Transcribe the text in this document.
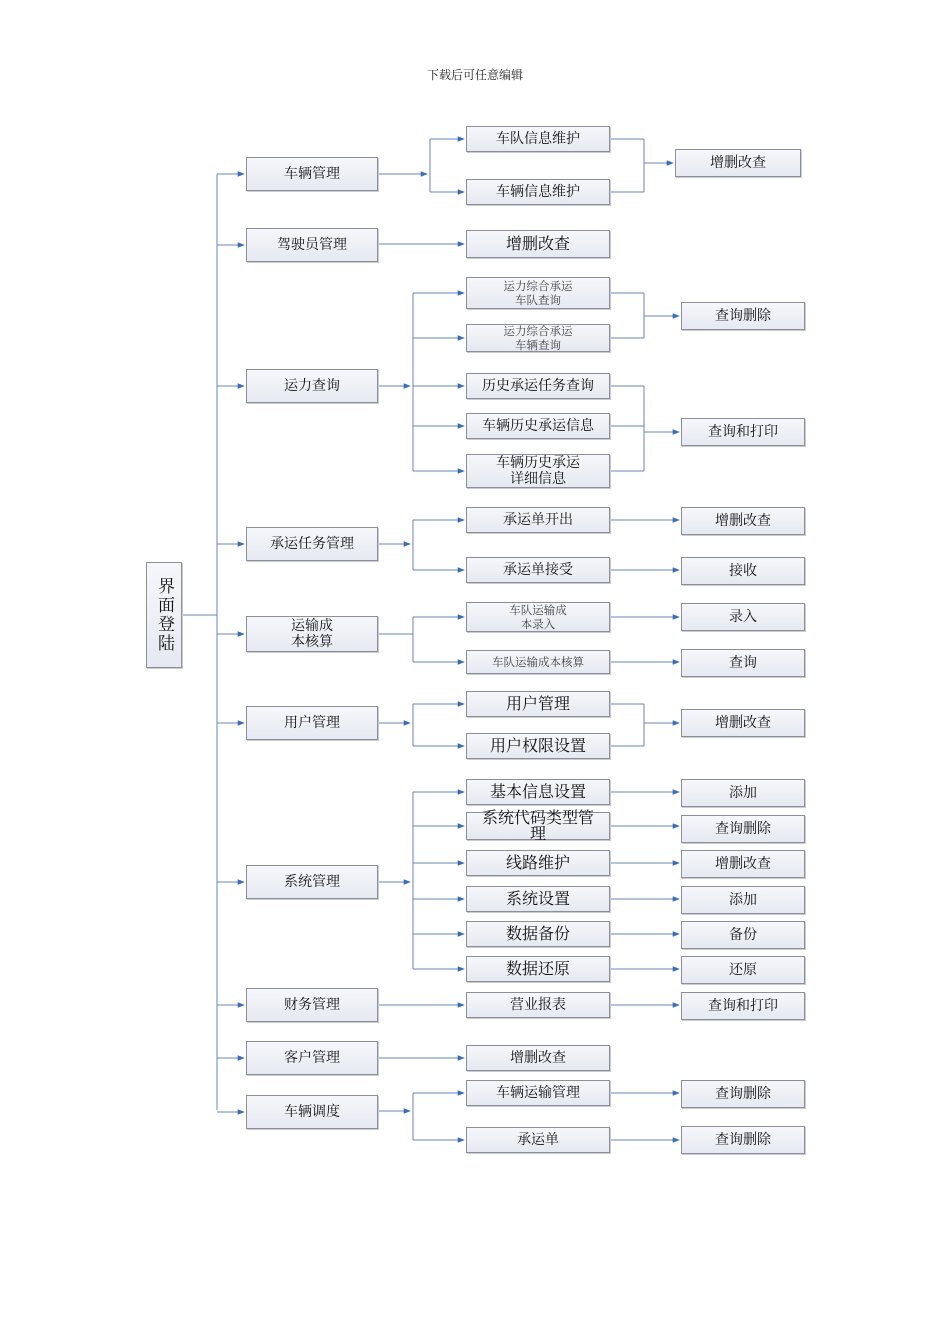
下载后可任意编辑
界面登陆
车辆管理
驾驶员管理
运力查询
承运任务管理
运输成
本核算
用户管理
系统管理
财务管理
客户管理
车辆调度
车队信息维护
车辆信息维护
增删改查
运力综合承运
车队查询
运力综合承运
车辆查询
历史承运任务查询
车辆历史承运信息
车辆历史承运
详细信息
承运单开出
承运单接受
车队运输成
本录入
车队运输成本核算
用户管理
用户权限设置
基本信息设置
系统代码类型管
理
线路维护
系统设置
数据备份
数据还原
营业报表
增删改查
车辆运输管理
承运单
增删改查
查询删除
查询和打印
增删改查
接收
录入
查询
增删改查
添加
查询删除
增删改查
添加
备份
还原
查询和打印
查询删除
查询删除
